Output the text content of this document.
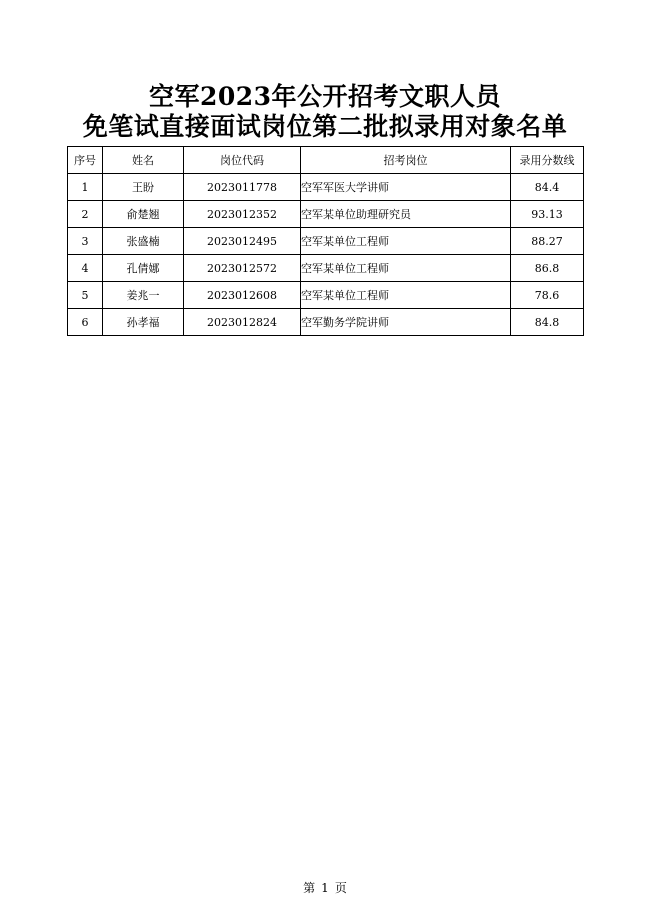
空军2023年公开招考文职人员
免笔试直接面试岗位第二批拟录用对象名单
序号	姓名	岗位代码	招考岗位	录用分数线
1	王盼	2023011778	空军军医大学讲师	84.4
2	俞楚翘	2023012352	空军某单位助理研究员	93.13
3	张盛楠	2023012495	空军某单位工程师	88.27
4	孔倩娜	2023012572	空军某单位工程师	86.8
5	姜兆一	2023012608	空军某单位工程师	78.6
6	孙孝福	2023012824	空军勤务学院讲师	84.8
第 1 页
